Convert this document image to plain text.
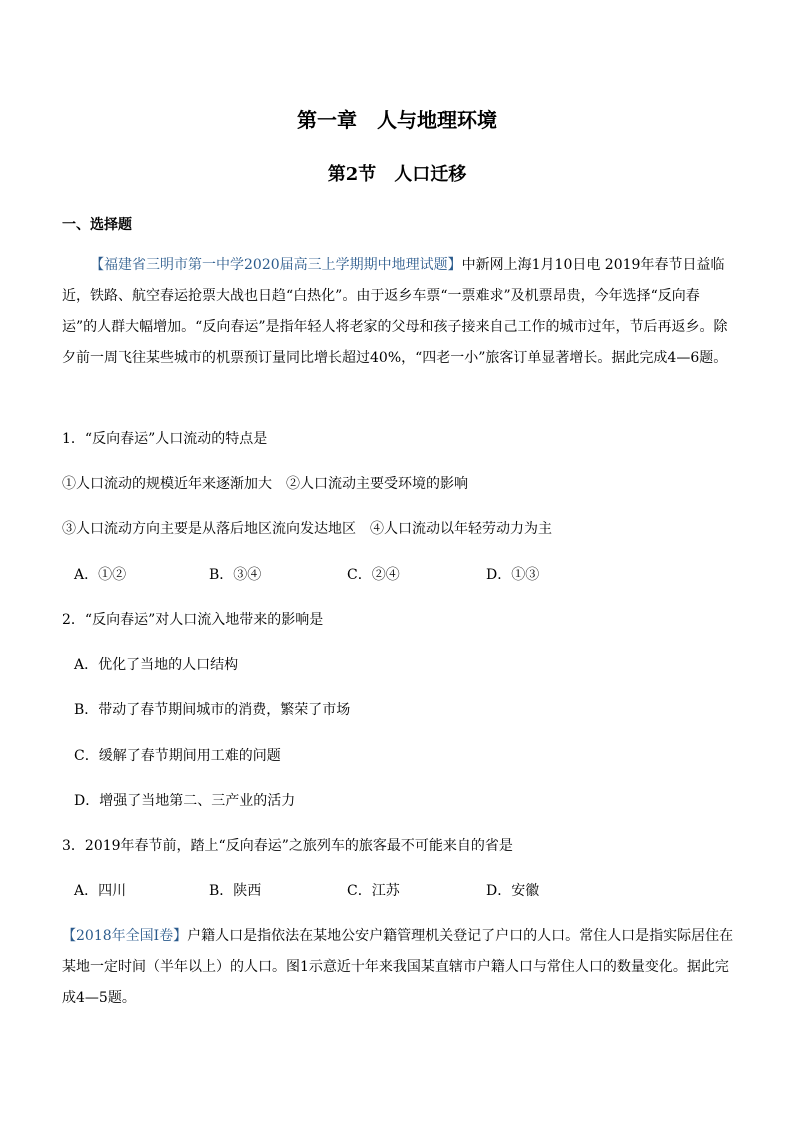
第一章　人与地理环境
第2节　人口迁移
一、选择题

【福建省三明市第一中学2020届高三上学期期中地理试题】中新网上海1月10日电 2019年春节日益临近，铁路、航空春运抢票大战也日趋“白热化”。由于返乡车票“一票难求”及机票昂贵，今年选择“反向春运”的人群大幅增加。“反向春运”是指年轻人将老家的父母和孩子接来自己工作的城市过年，节后再返乡。除夕前一周飞往某些城市的机票预订量同比增长超过40%，“四老一小”旅客订单显著增长。据此完成4—6题。

1．“反向春运”人口流动的特点是
①人口流动的规模近年来逐渐加大　②人口流动主要受环境的影响
③人口流动方向主要是从落后地区流向发达地区　④人口流动以年轻劳动力为主
A．①②	B．③④	C．②④	D．①③
2．“反向春运”对人口流入地带来的影响是
A．优化了当地的人口结构
B．带动了春节期间城市的消费，繁荣了市场
C．缓解了春节期间用工难的问题
D．增强了当地第二、三产业的活力
3．2019年春节前，踏上“反向春运”之旅列车的旅客最不可能来自的省是
A．四川	B．陕西	C．江苏	D．安徽

【2018年全国I卷】户籍人口是指依法在某地公安户籍管理机关登记了户口的人口。常住人口是指实际居住在某地一定时间（半年以上）的人口。图1示意近十年来我国某直辖市户籍人口与常住人口的数量变化。据此完成4—5题。
